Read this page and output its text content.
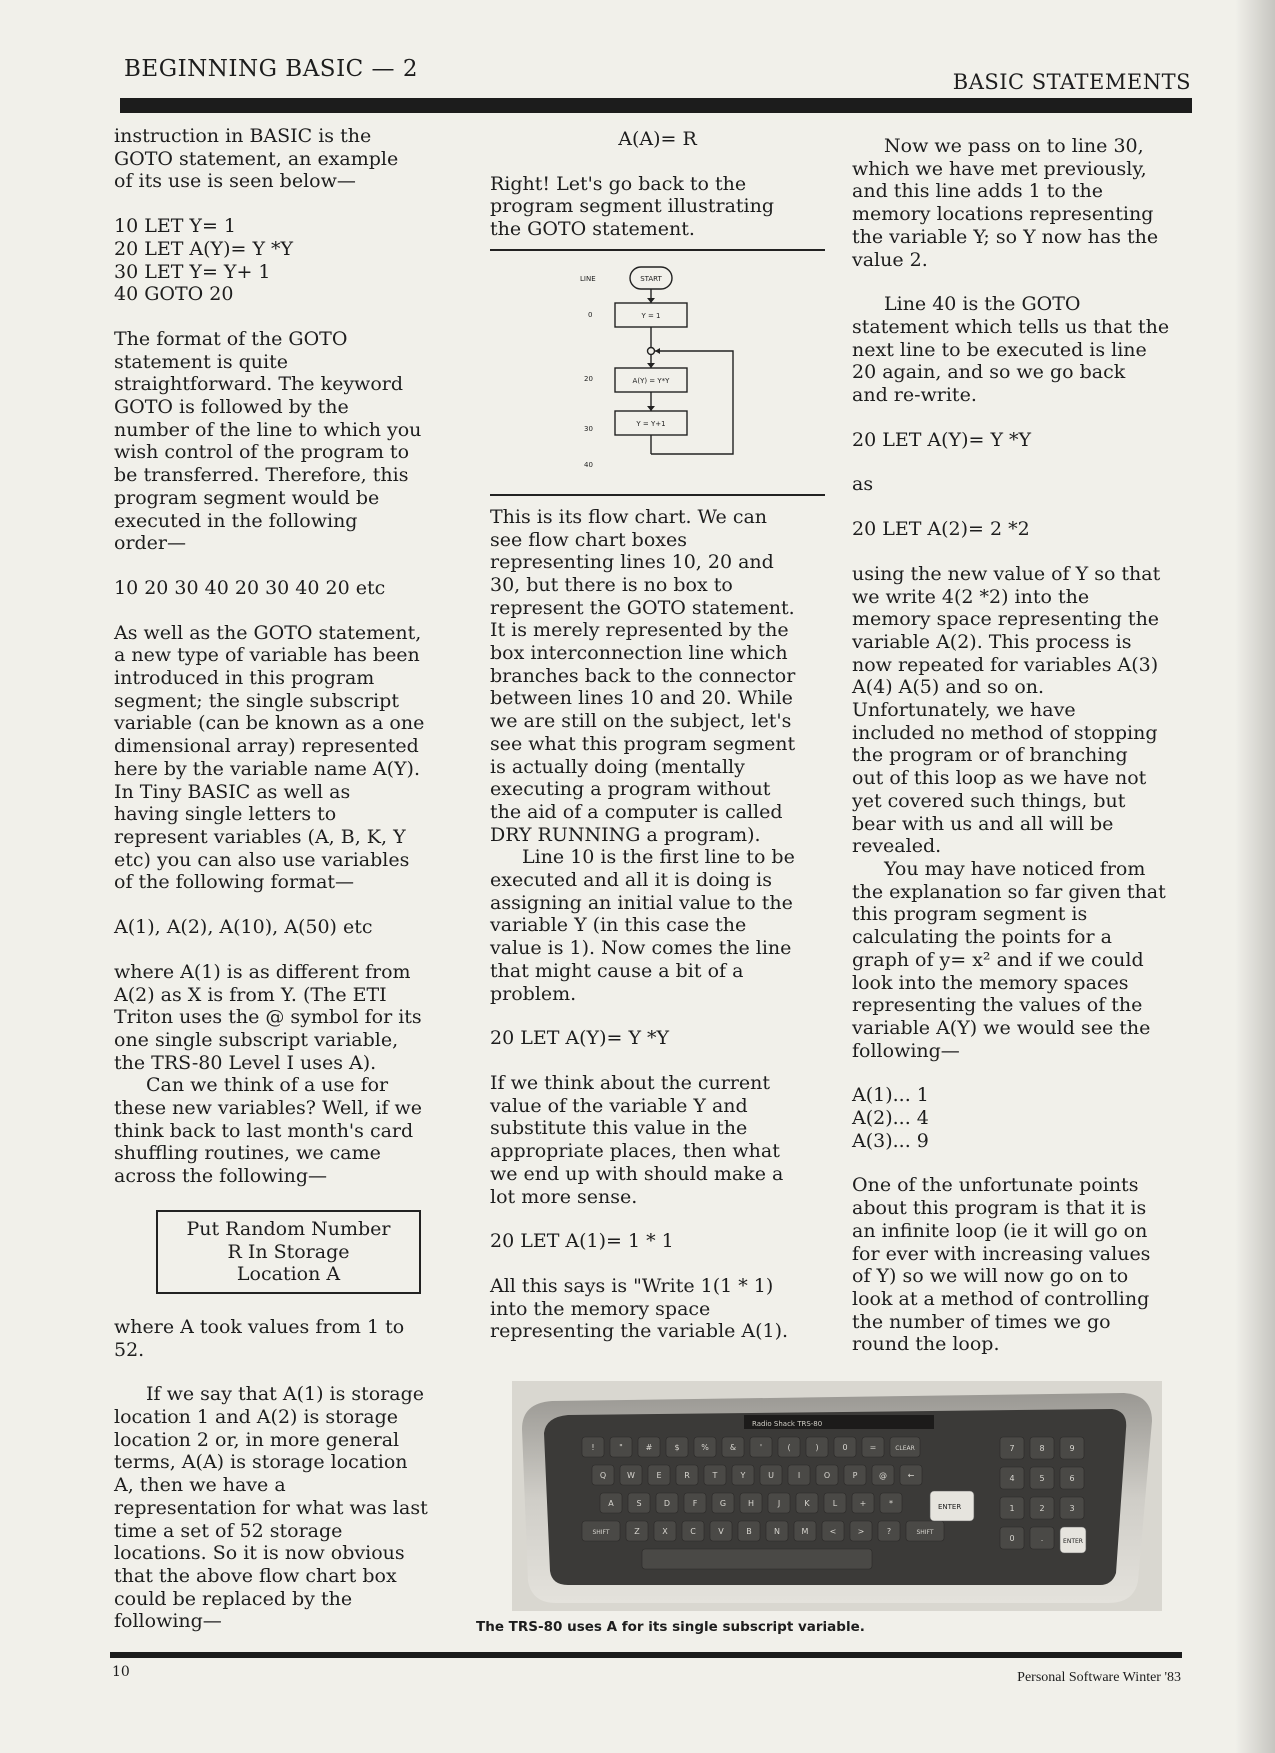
BEGINNING BASIC — 2	BASIC STATEMENTS

instruction in BASIC is the
GOTO statement, an example
of its use is seen below—

10 LET Y= 1
20 LET A(Y)= Y *Y
30 LET Y= Y+ 1
40 GOTO 20

The format of the GOTO
statement is quite
straightforward. The keyword
GOTO is followed by the
number of the line to which you
wish control of the program to
be transferred. Therefore, this
program segment would be
executed in the following
order—

10 20 30 40 20 30 40 20 etc

As well as the GOTO statement,
a new type of variable has been
introduced in this program
segment; the single subscript
variable (can be known as a one
dimensional array) represented
here by the variable name A(Y).
In Tiny BASIC as well as
having single letters to
represent variables (A, B, K, Y
etc) you can also use variables
of the following format—

A(1), A(2), A(10), A(50) etc

where A(1) is as different from
A(2) as X is from Y. (The ETI
Triton uses the @ symbol for its
one single subscript variable,
the TRS-80 Level I uses A).

Can we think of a use for
these new variables? Well, if we
think back to last month's card
shuffling routines, we came
across the following—

Put Random Number
R In Storage
Location A

where A took values from 1 to
52.

If we say that A(1) is storage
location 1 and A(2) is storage
location 2 or, in more general
terms, A(A) is storage location
A, then we have a
representation for what was last
time a set of 52 storage
locations. So it is now obvious
that the above flow chart box
could be replaced by the
following—

A(A)= R

Right! Let's go back to the
program segment illustrating
the GOTO statement.

LINE
0
20
30
40
START
Y = 1
A(Y) = Y*Y
Y = Y+1

This is its flow chart. We can
see flow chart boxes
representing lines 10, 20 and
30, but there is no box to
represent the GOTO statement.
It is merely represented by the
box interconnection line which
branches back to the connector
between lines 10 and 20. While
we are still on the subject, let's
see what this program segment
is actually doing (mentally
executing a program without
the aid of a computer is called
DRY RUNNING a program).

Line 10 is the first line to be
executed and all it is doing is
assigning an initial value to the
variable Y (in this case the
value is 1). Now comes the line
that might cause a bit of a
problem.

20 LET A(Y)= Y *Y

If we think about the current
value of the variable Y and
substitute this value in the
appropriate places, then what
we end up with should make a
lot more sense.

20 LET A(1)= 1 * 1

All this says is "Write 1(1 * 1)
into the memory space
representing the variable A(1).

Now we pass on to line 30,
which we have met previously,
and this line adds 1 to the
memory locations representing
the variable Y; so Y now has the
value 2.

Line 40 is the GOTO
statement which tells us that the
next line to be executed is line
20 again, and so we go back
and re-write.

20 LET A(Y)= Y *Y

as

20 LET A(2)= 2 *2

using the new value of Y so that
we write 4(2 *2) into the
memory space representing the
variable A(2). This process is
now repeated for variables A(3)
A(4) A(5) and so on.
Unfortunately, we have
included no method of stopping
the program or of branching
out of this loop as we have not
yet covered such things, but
bear with us and all will be
revealed.

You may have noticed from
the explanation so far given that
this program segment is
calculating the points for a
graph of y= x² and if we could
look into the memory spaces
representing the values of the
variable A(Y) we would see the
following—

A(1)... 1
A(2)... 4
A(3)... 9

One of the unfortunate points
about this program is that it is
an infinite loop (ie it will go on
for ever with increasing values
of Y) so we will now go on to
look at a method of controlling
the number of times we go
round the loop.

Radio Shack TRS-80
ENTER
!	"	#	$	%	&	'	(	)	0	=	CLEAR
Q	W	E	R	T	Y	U	I	O	P	@	←
A	S	D	F	G	H	J	K	L	+	*
SHIFT	Z	X	C	V	B	N	M	<	>	?	SHIFT
7	8	9
4	5	6
1	2	3
0	.	ENTER
The TRS-80 uses A for its single subscript variable.
10	Personal Software Winter '83
